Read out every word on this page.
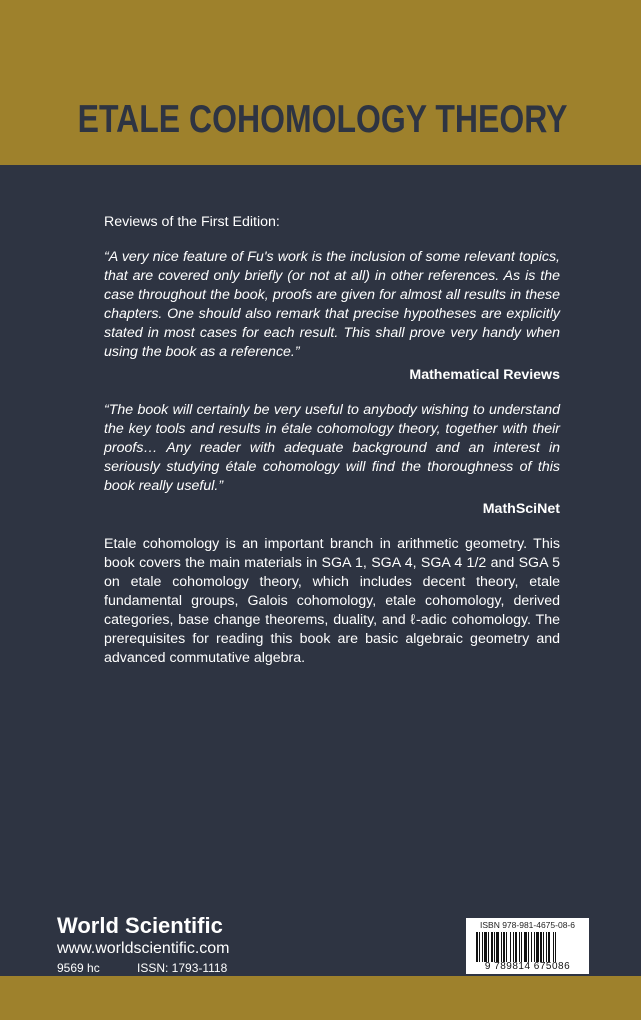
ETALE COHOMOLOGY THEORY

Reviews of the First Edition:

“A very nice feature of Fu's work is the inclusion of some relevant topics, that are covered only briefly (or not at all) in other references. As is the case throughout the book, proofs are given for almost all results in these chapters. One should also remark that precise hypotheses are explicitly stated in most cases for each result. This shall prove very handy when using the book as a reference.”

Mathematical Reviews

“The book will certainly be very useful to anybody wishing to understand the key tools and results in étale cohomology theory, together with their proofs… Any reader with adequate background and an interest in seriously studying étale cohomology will find the thoroughness of this book really useful.”

MathSciNet

Etale cohomology is an important branch in arithmetic geometry. This book covers the main materials in SGA 1, SGA 4, SGA 4 1/2 and SGA 5 on etale cohomology theory, which includes decent theory, etale fundamental groups, Galois cohomology, etale cohomology, derived categories, base change theorems, duality, and ℓ-adic cohomology. The prerequisites for reading this book are basic algebraic geometry and advanced commutative algebra.

World Scientific
www.worldscientific.com
9569 hc	ISSN: 1793-1118
ISBN 978-981-4675-08-6
9 789814 675086
